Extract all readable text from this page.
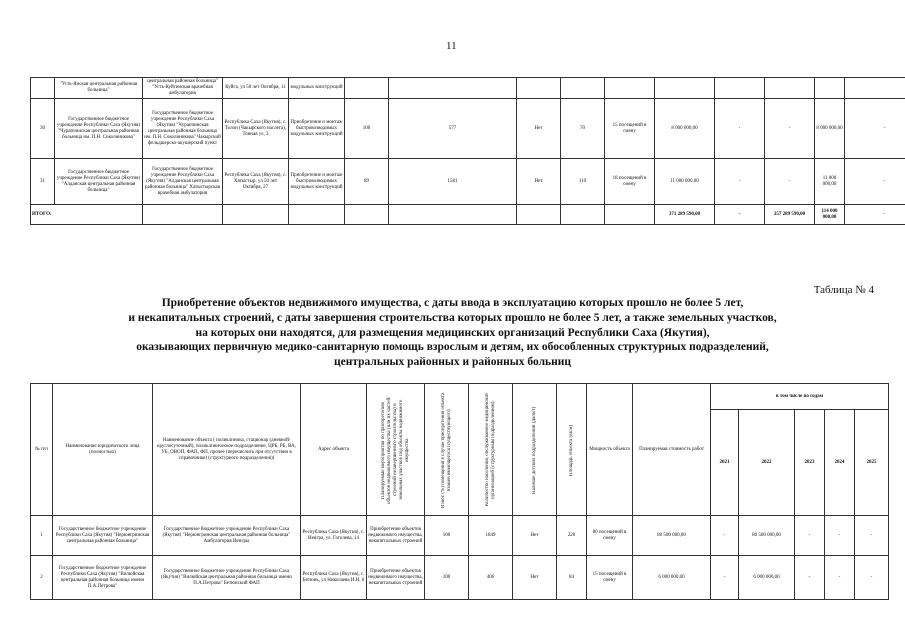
11
	"Усть-Янская центральная районная больница"	центральная районная больница" "Усть-Куйгинская врачебная амбулатория	Куйга, ул 50 лет Октября, 11	модульных конструкций										
30	Государственное бюджетное учреждение Республики Саха (Якутия) "Чурапчинская центральная районная больница им. П.Н. Соколиникова"	Государственное бюджетное учреждение Республики Саха (Якутия) "Чурапчинская центральная районная больница им. П.Н. Соколиникова" Чакырский фельдшерско-акушерский пункт	Республика Саха (Якутия), с. Толон (Чакырского наслега), Тонная ул, 3	Приобретение и монтаж быстровозводимых модульных конструкций	100	577	Нет	70	15 посещений в смену	8 000 000,00	-	-	8 000 000,00	-
31	Государственное бюджетное учреждение Республики Саха (Якутия) "Алданская центральная районная больница"	Государственное бюджетное учреждение Республики Саха (Якутия) "Алданская центральная районная больница" Хатыстырская врачебная амбулатория	Республика Саха (Якутия), с. Хатыстыр, ул 50 лет Октября, 27	Приобретение и монтаж быстровозводимых модульных конструкций	89	1581	Нет	110	18 посещений в смену	11 000 000,00	-	-	11 000 000,00	-
ИТОГО:										371 289 590,00	-	257 289 590,00	114 000 000,00	-
Таблица № 4
Приобретение объектов недвижимого имущества, с даты ввода в эксплуатацию которых прошло не более 5 лет,
и некапитальных строений, с даты завершения строительства которых прошло не более 5 лет, а также земельных участков,
на которых они находятся, для размещения медицинских организаций Республики Саха (Якутия),
оказывающих первичную медико-санитарную помощь взрослым и детям, их обособленных структурных подразделений,
центральных районных и районных больниц
№ п/п	Наименование юридического лица (полностью)	Наименование объекта ( поликлиника, стационар (дневной/круглосуточный), поликлиническое подразделение, ЦРБ, РБ, ВА, УБ, ОВОП, ФАП, ФП, прочее (перечислить при отсутствии в справочнике) (структурного подразделения))	Адрес объекта	Планируемые мероприятия по приобретению объектов недвижимого имущества (или их частей/ строений незавершенного строительства) и земельных участков под объекты недвижимого имущества	Износ (%) помещения в случае приобретения объекта взамен имеющегося (существующего)	Количество населения, обслуживаемое медицинской организацией (структурным подразделением)	Наличие детских подразделений (да/нет)	Площадь объекта (кв.м)	Мощность объекта	Планируемая стоимость работ	в том числе по годам				
											2021	2022	2023	2024	2025
1	Государственное бюджетное учреждение Республики Саха (Якутия) "Нерюнгринская центральная районная больница"	Государственное бюджетное учреждение Республики Саха (Якутия) "Нерюнгринская центральная районная больница" Амбулатория Иенгры	Республика Саха (Якутия), с. Иенгра, ул. Гоголева, 14	Приобретение объектов недвижимого имущества, некапитальных строений	100	1849	Нет	220	80 посещений в смену	80 500 000,00	-	80 500 000,00	-	-	-
2	Государственное бюджетное учреждение Республики Саха (Якутия) "Вилюйская центральная районная больница имени П.А.Петрова"	Государственное бюджетное учреждение Республики Саха (Якутия) "Вилюйская центральная районная больница имени П.А.Петрова" Бетюнский ФАП	Республика Саха (Якутия), с. Бетюнь, ул Николаева И.Н, 6	Приобретение объектов недвижимого имущества, некапитальных строений	100	406	Нет	84	15 посещений в смену	6 000 000,00	-	6 000 000,00	-	-	-
